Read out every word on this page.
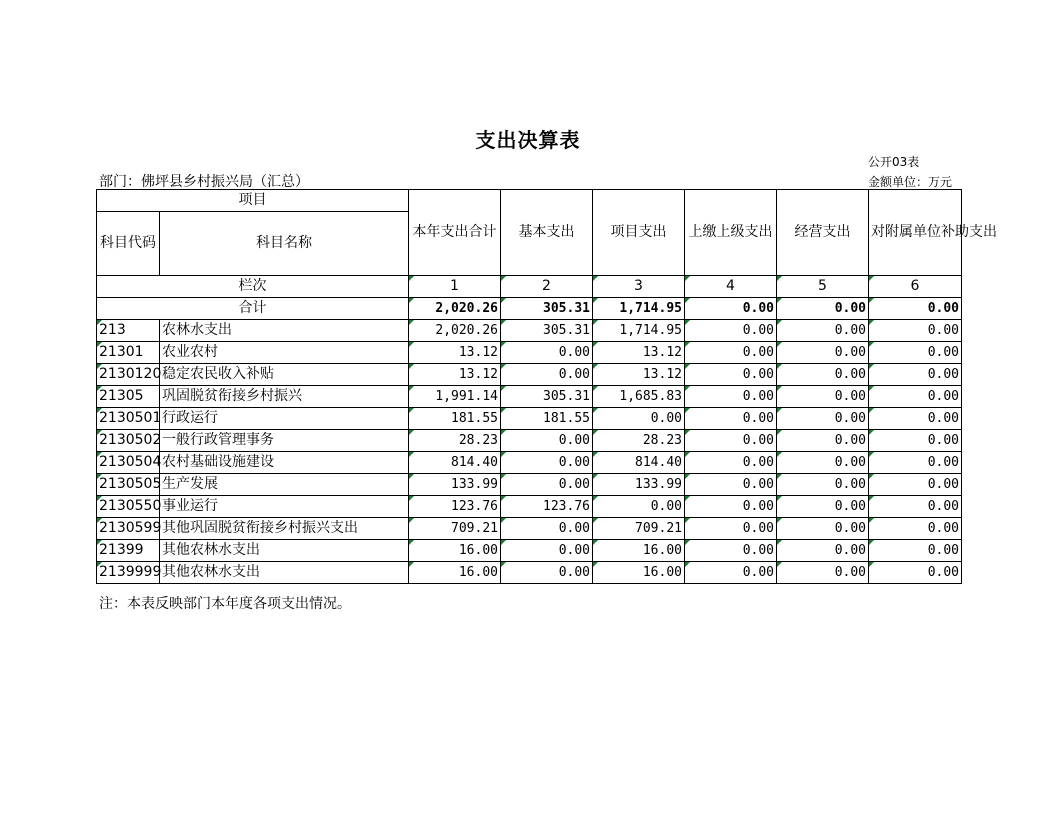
支出决算表
公开03表
部门：佛坪县乡村振兴局（汇总）	金额单位：万元
项目		本年支出合计	基本支出	项目支出	上缴上级支出	经营支出	对附属单位补助支出
科目代码	科目名称						
栏次		1	2	3	4	5	6
合计		2,020.26	305.31	1,714.95	0.00	0.00	0.00
213	农林水支出	2,020.26	305.31	1,714.95	0.00	0.00	0.00
21301	农业农村	13.12	0.00	13.12	0.00	0.00	0.00
2130120	稳定农民收入补贴	13.12	0.00	13.12	0.00	0.00	0.00
21305	巩固脱贫衔接乡村振兴	1,991.14	305.31	1,685.83	0.00	0.00	0.00
2130501	行政运行	181.55	181.55	0.00	0.00	0.00	0.00
2130502	一般行政管理事务	28.23	0.00	28.23	0.00	0.00	0.00
2130504	农村基础设施建设	814.40	0.00	814.40	0.00	0.00	0.00
2130505	生产发展	133.99	0.00	133.99	0.00	0.00	0.00
2130550	事业运行	123.76	123.76	0.00	0.00	0.00	0.00
2130599	其他巩固脱贫衔接乡村振兴支出	709.21	0.00	709.21	0.00	0.00	0.00
21399	其他农林水支出	16.00	0.00	16.00	0.00	0.00	0.00
2139999	其他农林水支出	16.00	0.00	16.00	0.00	0.00	0.00
注：本表反映部门本年度各项支出情况。
